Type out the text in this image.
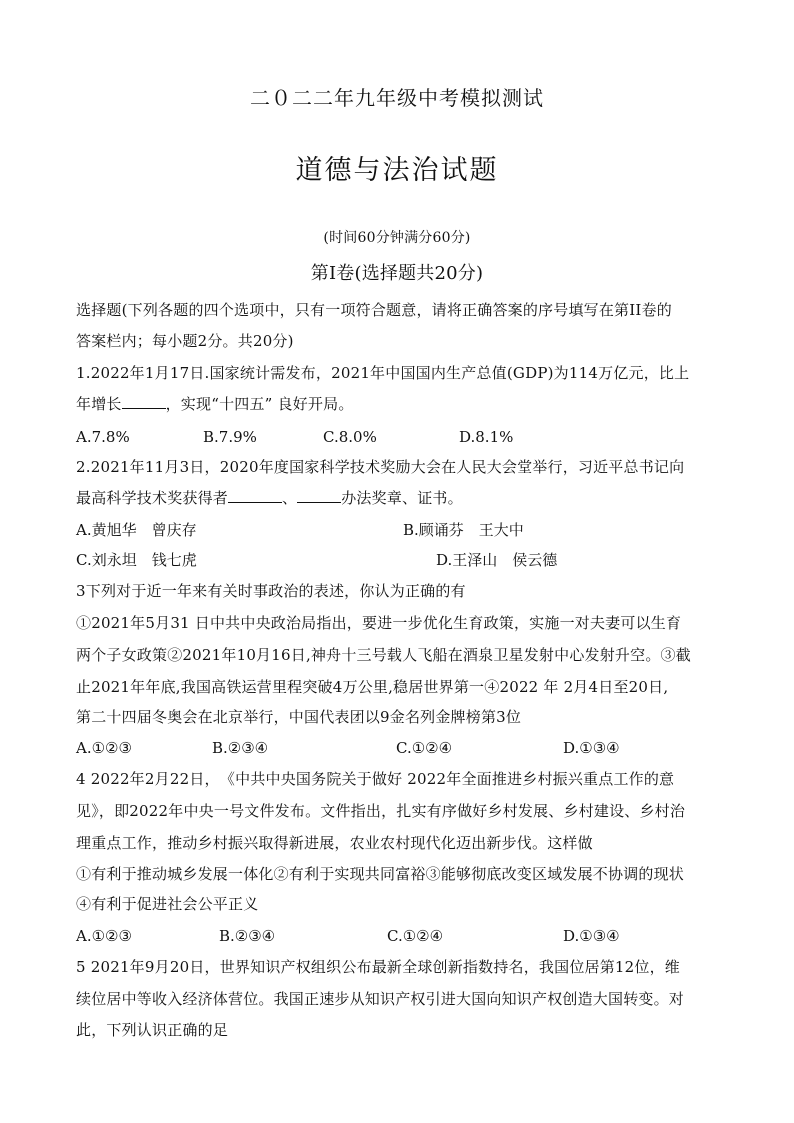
二０二二年九年级中考模拟测试
道德与法治试题
(时间60分钟满分60分)
第Ⅰ卷(选择题共20分)
选择题(下列各题的四个选项中，只有一项符合题意，请将正确答案的序号填写在第II卷的
答案栏内；每小题2分。共20分)
1.2022年1月17日.国家统计需发布，2021年中国国内生产总值(GDP)为114万亿元，比上
年增长	，实现“十四五” 良好开局。
A.7.8%	B.7.9%	C.8.0%	D.8.1%
2.2021年11月3日，2020年度国家科学技术奖励大会在人民大会堂举行，习近平总书记向
最高科学技术奖获得者	、	办法奖章、证书。
A.黄旭华　曾庆存	B.顾诵芬　王大中
C.刘永坦　钱七虎	D.王泽山　侯云德
3下列对于近一年来有关时事政治的表述，你认为正确的有
①2021年5月31 日中共中央政治局指出，要进一步优化生育政策，实施一对夫妻可以生育
两个子女政策②2021年10月16日,神舟十三号载人飞船在酒泉卫星发射中心发射升空。③截
止2021年年底,我国高铁运营里程突破4万公里,稳居世界第一④2022 年 2月4日至20日,
第二十四届冬奥会在北京举行，中国代表团以9金名列金牌榜第3位
A.①②③	B.②③④	C.①②④	D.①③④
4 2022年2月22日，　《中共中央国务院关于做好 2022年全面推进乡村振兴重点工作的意
见》，即2022年中央一号文件发布。文件指出，扎实有序做好乡村发展、乡村建设、乡村治
理重点工作，推动乡村振兴取得新进展，农业农村现代化迈出新步伐。这样做
①有利于推动城乡发展一体化②有利于实现共同富裕③能够彻底改变区域发展不协调的现状
④有利于促进社会公平正义
A.①②③	B.②③④	C.①②④	D.①③④
5 2021年9月20日，世界知识产权组织公布最新全球创新指数持名，我国位居第12位，维
续位居中等收入经济体营位。我国正速步从知识产权引进大国向知识产权创造大国转变。对
此，下列认识正确的足
